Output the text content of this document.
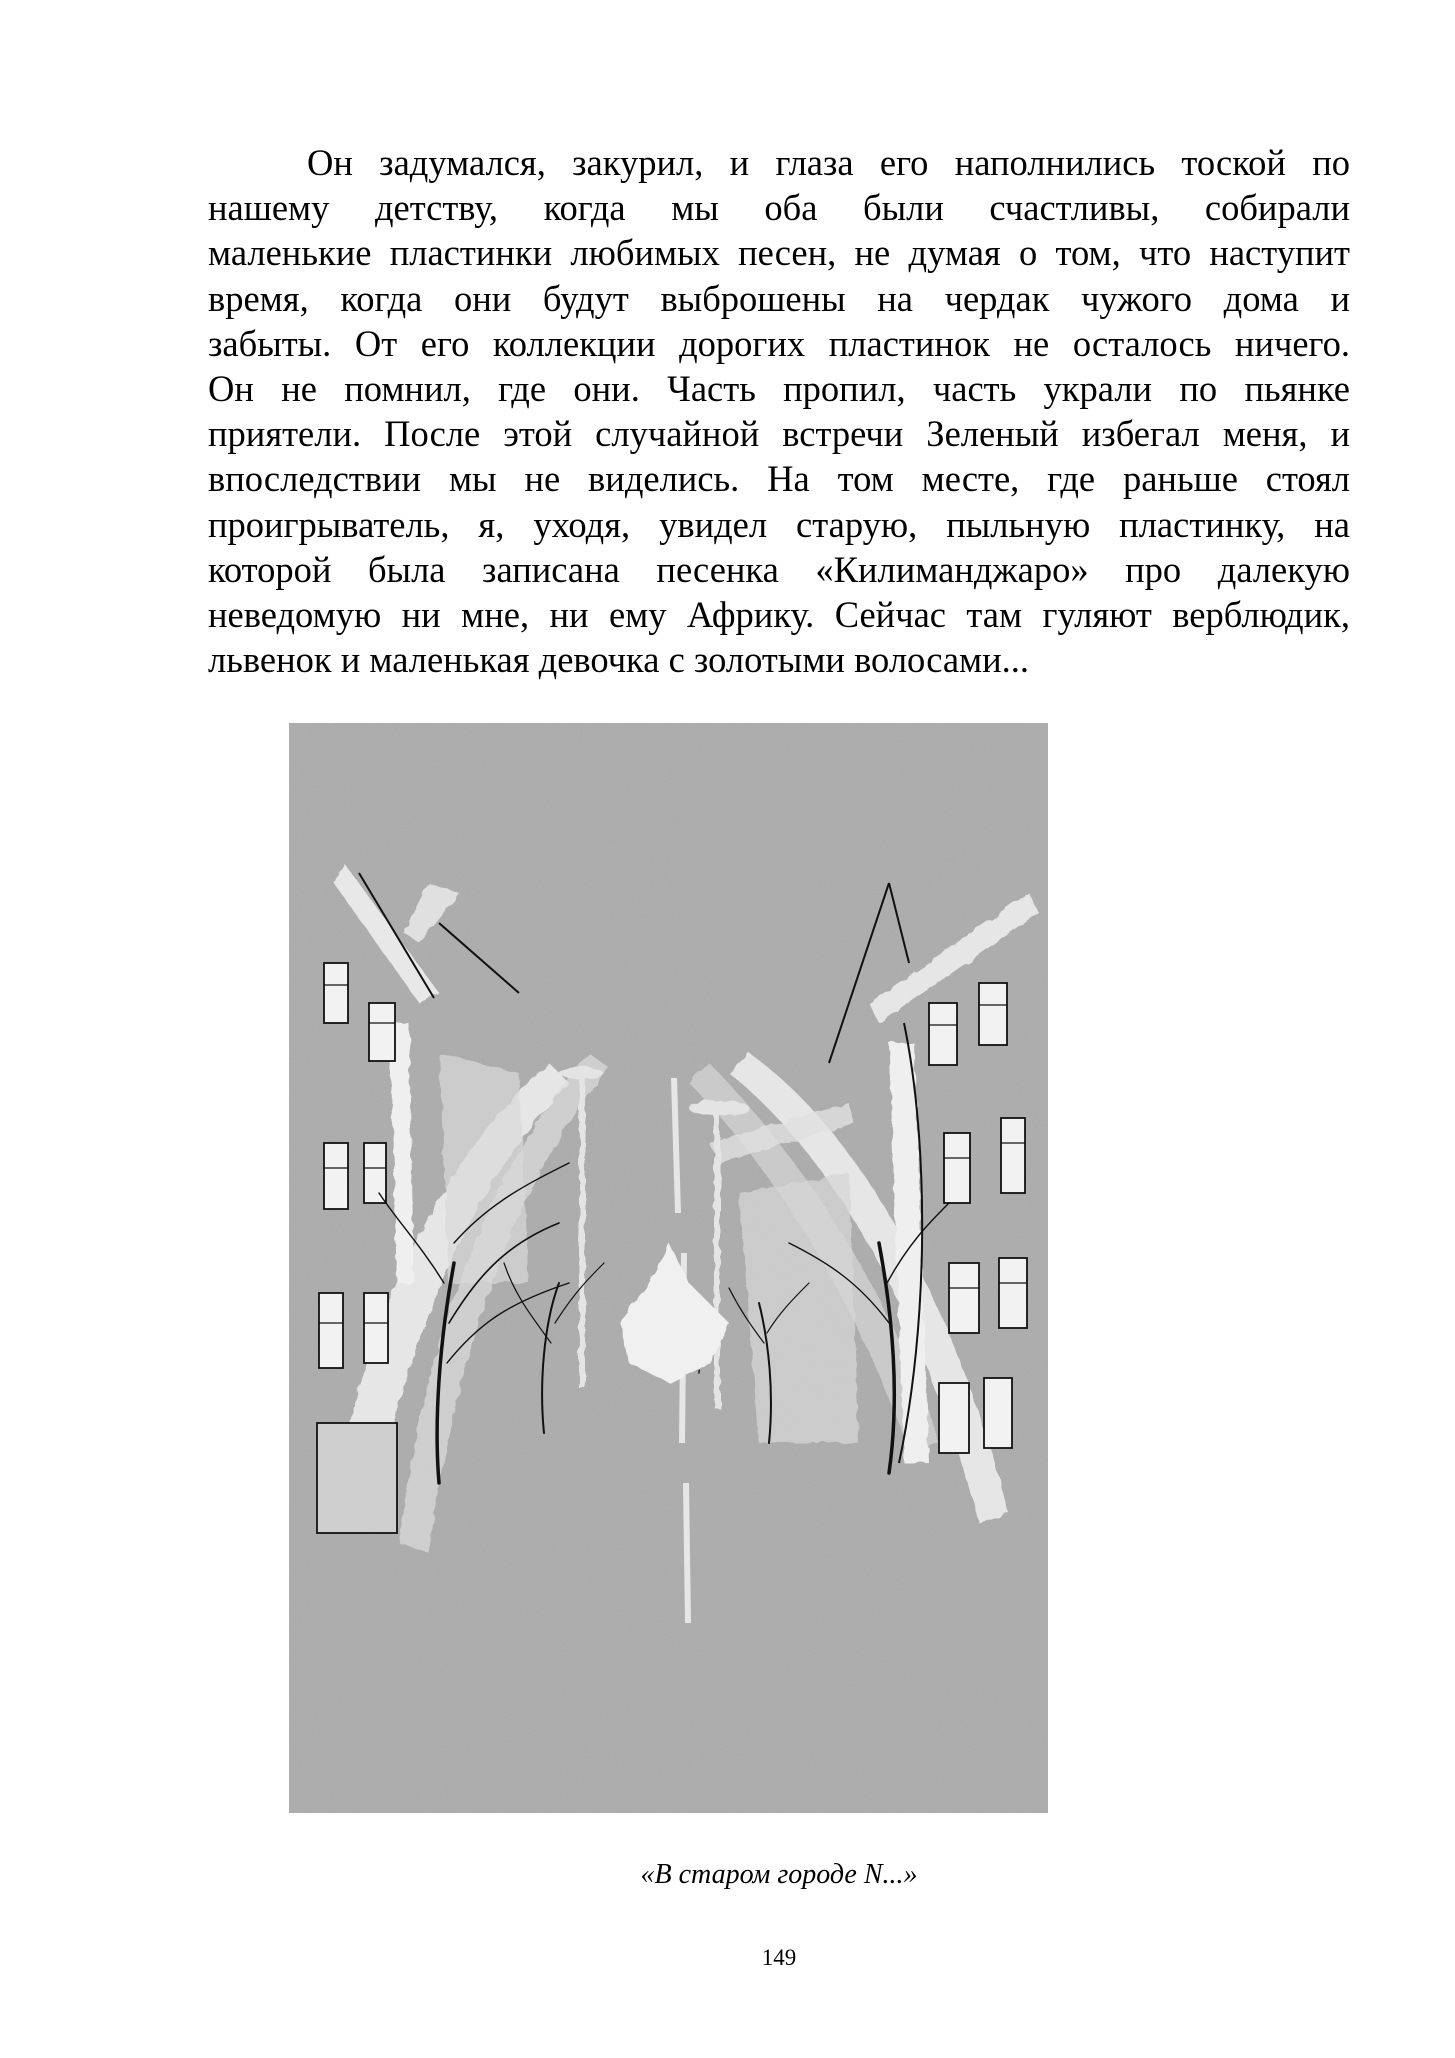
Он задумался, закурил, и глаза его наполнились тоской по
нашему детству, когда мы оба были счастливы, собирали
маленькие пластинки любимых песен, не думая о том, что наступит
время, когда они будут выброшены на чердак чужого дома и
забыты. От его коллекции дорогих пластинок не осталось ничего.
Он не помнил, где они. Часть пропил, часть украли по пьянке
приятели. После этой случайной встречи Зеленый избегал меня, и
впоследствии мы не виделись. На том месте, где раньше стоял
проигрыватель, я, уходя, увидел старую, пыльную пластинку, на
которой была записана песенка «Килиманджаро» про далекую
неведомую ни мне, ни ему Африку. Сейчас там гуляют верблюдик,
львенок и маленькая девочка с золотыми волосами...
«В старом городе N...»
149
